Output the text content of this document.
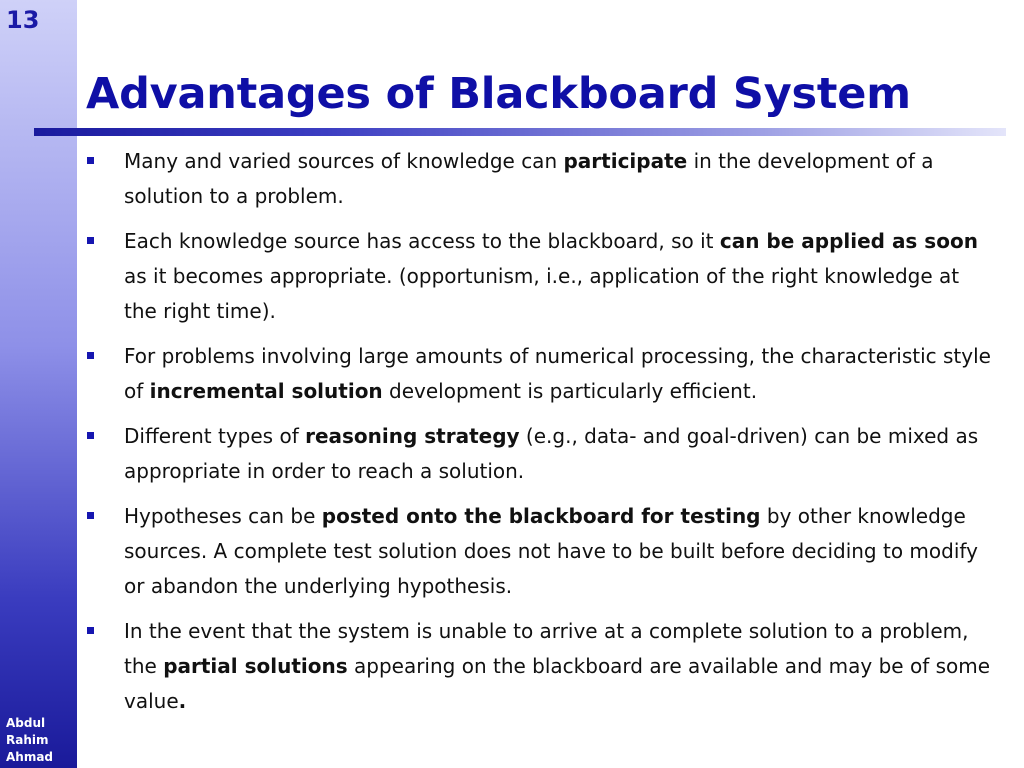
13
Abdul
Rahim
Ahmad
Advantages of Blackboard System
Many and varied sources of knowledge can participate in the development of a solution to a problem.
Each knowledge source has access to the blackboard, so it can be applied as soon as it becomes appropriate. (opportunism, i.e., application of the right knowledge at the right time).
For problems involving large amounts of numerical processing, the characteristic style of incremental solution development is particularly efficient.
Different types of reasoning strategy (e.g., data- and goal-driven) can be mixed as appropriate in order to reach a solution.
Hypotheses can be posted onto the blackboard for testing by other knowledge sources. A complete test solution does not have to be built before deciding to modify or abandon the underlying hypothesis.
In the event that the system is unable to arrive at a complete solution to a problem, the partial solutions appearing on the blackboard are available and may be of some value.
